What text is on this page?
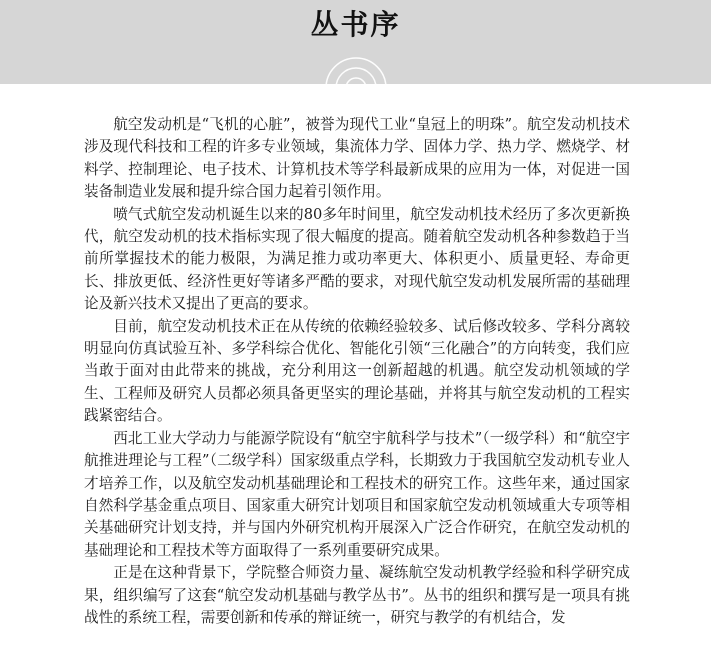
丛书序

航空发动机是“飞机的心脏”，被誉为现代工业“皇冠上的明珠”。航空发动机技术涉及现代科技和工程的许多专业领域，集流体力学、固体力学、热力学、燃烧学、材料学、控制理论、电子技术、计算机技术等学科最新成果的应用为一体，对促进一国装备制造业发展和提升综合国力起着引领作用。

喷气式航空发动机诞生以来的80多年时间里，航空发动机技术经历了多次更新换代，航空发动机的技术指标实现了很大幅度的提高。随着航空发动机各种参数趋于当前所掌握技术的能力极限，为满足推力或功率更大、体积更小、质量更轻、寿命更长、排放更低、经济性更好等诸多严酷的要求，对现代航空发动机发展所需的基础理论及新兴技术又提出了更高的要求。

目前，航空发动机技术正在从传统的依赖经验较多、试后修改较多、学科分离较明显向仿真试验互补、多学科综合优化、智能化引领“三化融合”的方向转变，我们应当敢于面对由此带来的挑战，充分利用这一创新超越的机遇。航空发动机领域的学生、工程师及研究人员都必须具备更坚实的理论基础，并将其与航空发动机的工程实践紧密结合。

西北工业大学动力与能源学院设有“航空宇航科学与技术”（一级学科）和“航空宇航推进理论与工程”（二级学科）国家级重点学科，长期致力于我国航空发动机专业人才培养工作，以及航空发动机基础理论和工程技术的研究工作。这些年来，通过国家自然科学基金重点项目、国家重大研究计划项目和国家航空发动机领域重大专项等相关基础研究计划支持，并与国内外研究机构开展深入广泛合作研究，在航空发动机的基础理论和工程技术等方面取得了一系列重要研究成果。

正是在这种背景下，学院整合师资力量、凝练航空发动机教学经验和科学研究成果，组织编写了这套“航空发动机基础与教学丛书”。丛书的组织和撰写是一项具有挑战性的系统工程，需要创新和传承的辩证统一，研究与教学的有机结合，发
